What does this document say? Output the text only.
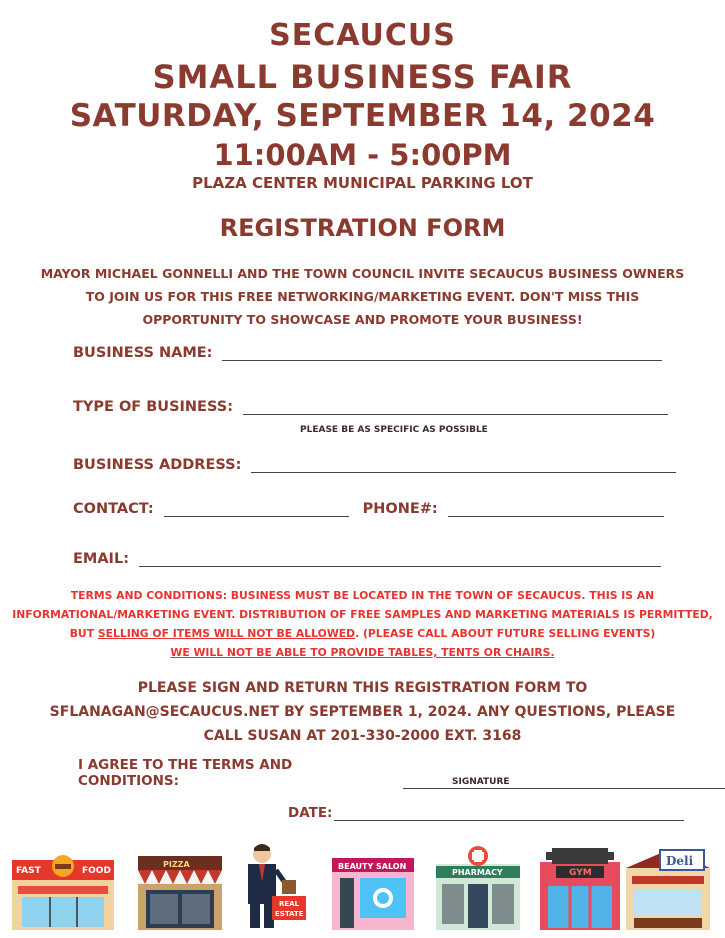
SECAUCUS
SMALL BUSINESS FAIR
SATURDAY, SEPTEMBER 14, 2024
11:00AM - 5:00PM
PLAZA CENTER MUNICIPAL PARKING LOT
REGISTRATION FORM
MAYOR MICHAEL GONNELLI AND THE TOWN COUNCIL INVITE SECAUCUS BUSINESS OWNERS
TO JOIN US FOR THIS FREE NETWORKING/MARKETING EVENT. DON'T MISS THIS
OPPORTUNITY TO SHOWCASE AND PROMOTE YOUR BUSINESS!
BUSINESS NAME:
TYPE OF BUSINESS:
PLEASE BE AS SPECIFIC AS POSSIBLE
BUSINESS ADDRESS:
CONTACT:	PHONE#:
EMAIL:
TERMS AND CONDITIONS: BUSINESS MUST BE LOCATED IN THE TOWN OF SECAUCUS. THIS IS AN
INFORMATIONAL/MARKETING EVENT. DISTRIBUTION OF FREE SAMPLES AND MARKETING MATERIALS IS PERMITTED,
BUT SELLING OF ITEMS WILL NOT BE ALLOWED. (PLEASE CALL ABOUT FUTURE SELLING EVENTS)
WE WILL NOT BE ABLE TO PROVIDE TABLES, TENTS OR CHAIRS.
PLEASE SIGN AND RETURN THIS REGISTRATION FORM TO
SFLANAGAN@SECAUCUS.NET BY SEPTEMBER 1, 2024. ANY QUESTIONS, PLEASE
CALL SUSAN AT 201-330-2000 EXT. 3168
I AGREE TO THE TERMS AND CONDITIONS:	SIGNATURE
DATE:
FAST	FOOD
PIZZA
REAL
ESTATE
BEAUTY SALON
PHARMACY	GYM
Deli
